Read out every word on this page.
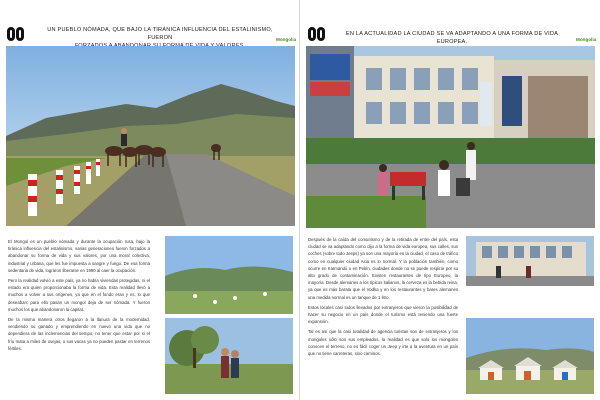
UN PUEBLO NÓMADA, QUE BAJO LA TIRÁNICA INFLUENCIA DEL ESTALINISMO, FUERON	Mongolia

El Mongol es un pueblo nómada y durante la ocupación rusa, bajo la tiránica influencia del estalinismo, varias generaciones fueron forzados a abandonar su forma de vida y sus valores, por una moral colectiva, industrial y urbana, que les fue impuesta a sangre y fuego. De esa forma sedentaria de vida, lograron liberarse en 1990 al caer la ocupación.

Pero la realidad volvió a este país, ya no había viviendas protegidas, ni el estado era quien proporcionaba la forma de vida. Esta realidad llevó a muchos a volver a sus orígenes, ya que en el fondo eran y es, lo que deseaban; para ello pasan un mongol deja de ser nómada. Y fueron muchos los que abandonaron la capital.

De la misma manera otros llegaron a la llanura de la modernidad, vendiendo su ganado y emprendiendo en nuevo una vida que no dependiera de las inclemencias del tiempo, no tener que estar por si el frío mata a miles de ovejas, o sus vacas ya no pueden pastar en terrenos fértiles.

EN LA ACTUALIDAD LA CIUDAD SE VA ADAPTANDO A UNA FORMA DE VIDA EUROPEA.	Mongolia

Después de la caída del comunismo y de la retirada de entre del país, esta ciudad se va adaptando como dijo a la forma de vida europea, sus calles, sus coches (sobre todo Jeeps) ya son una mayoría en la ciudad, el caso de tráfico como en cualquier ciudad Asia es lo normal. Y la población también, como ocurre en Katmandú o en Pekín, ciudades donde no se puede respirar por su alto grado de contaminación. Existen restaurantes de tipo Europeo, la mayoría. Desde alemanes a los típicos italianos, la cerveza es la bebida reina, ya que es más barata que el Vodka y en los restaurantes y bares alemanes una medida normal es un tanque de 1 litro.

Estos locales casi todos llevados por extranjeros que vieron la posibilidad de hacer su negocio en un país donde el turismo está teniendo una fuerte expansión.

Tal es así que la casi totalidad de agencia turistas son de extranjeros y los mongoles sólo son sus empleados, la realidad es que solo los mongoles conocen el terreno, no es fácil coger un Jeep y irte a la aventura en un país que no tiene carreteras, sino caminos.
